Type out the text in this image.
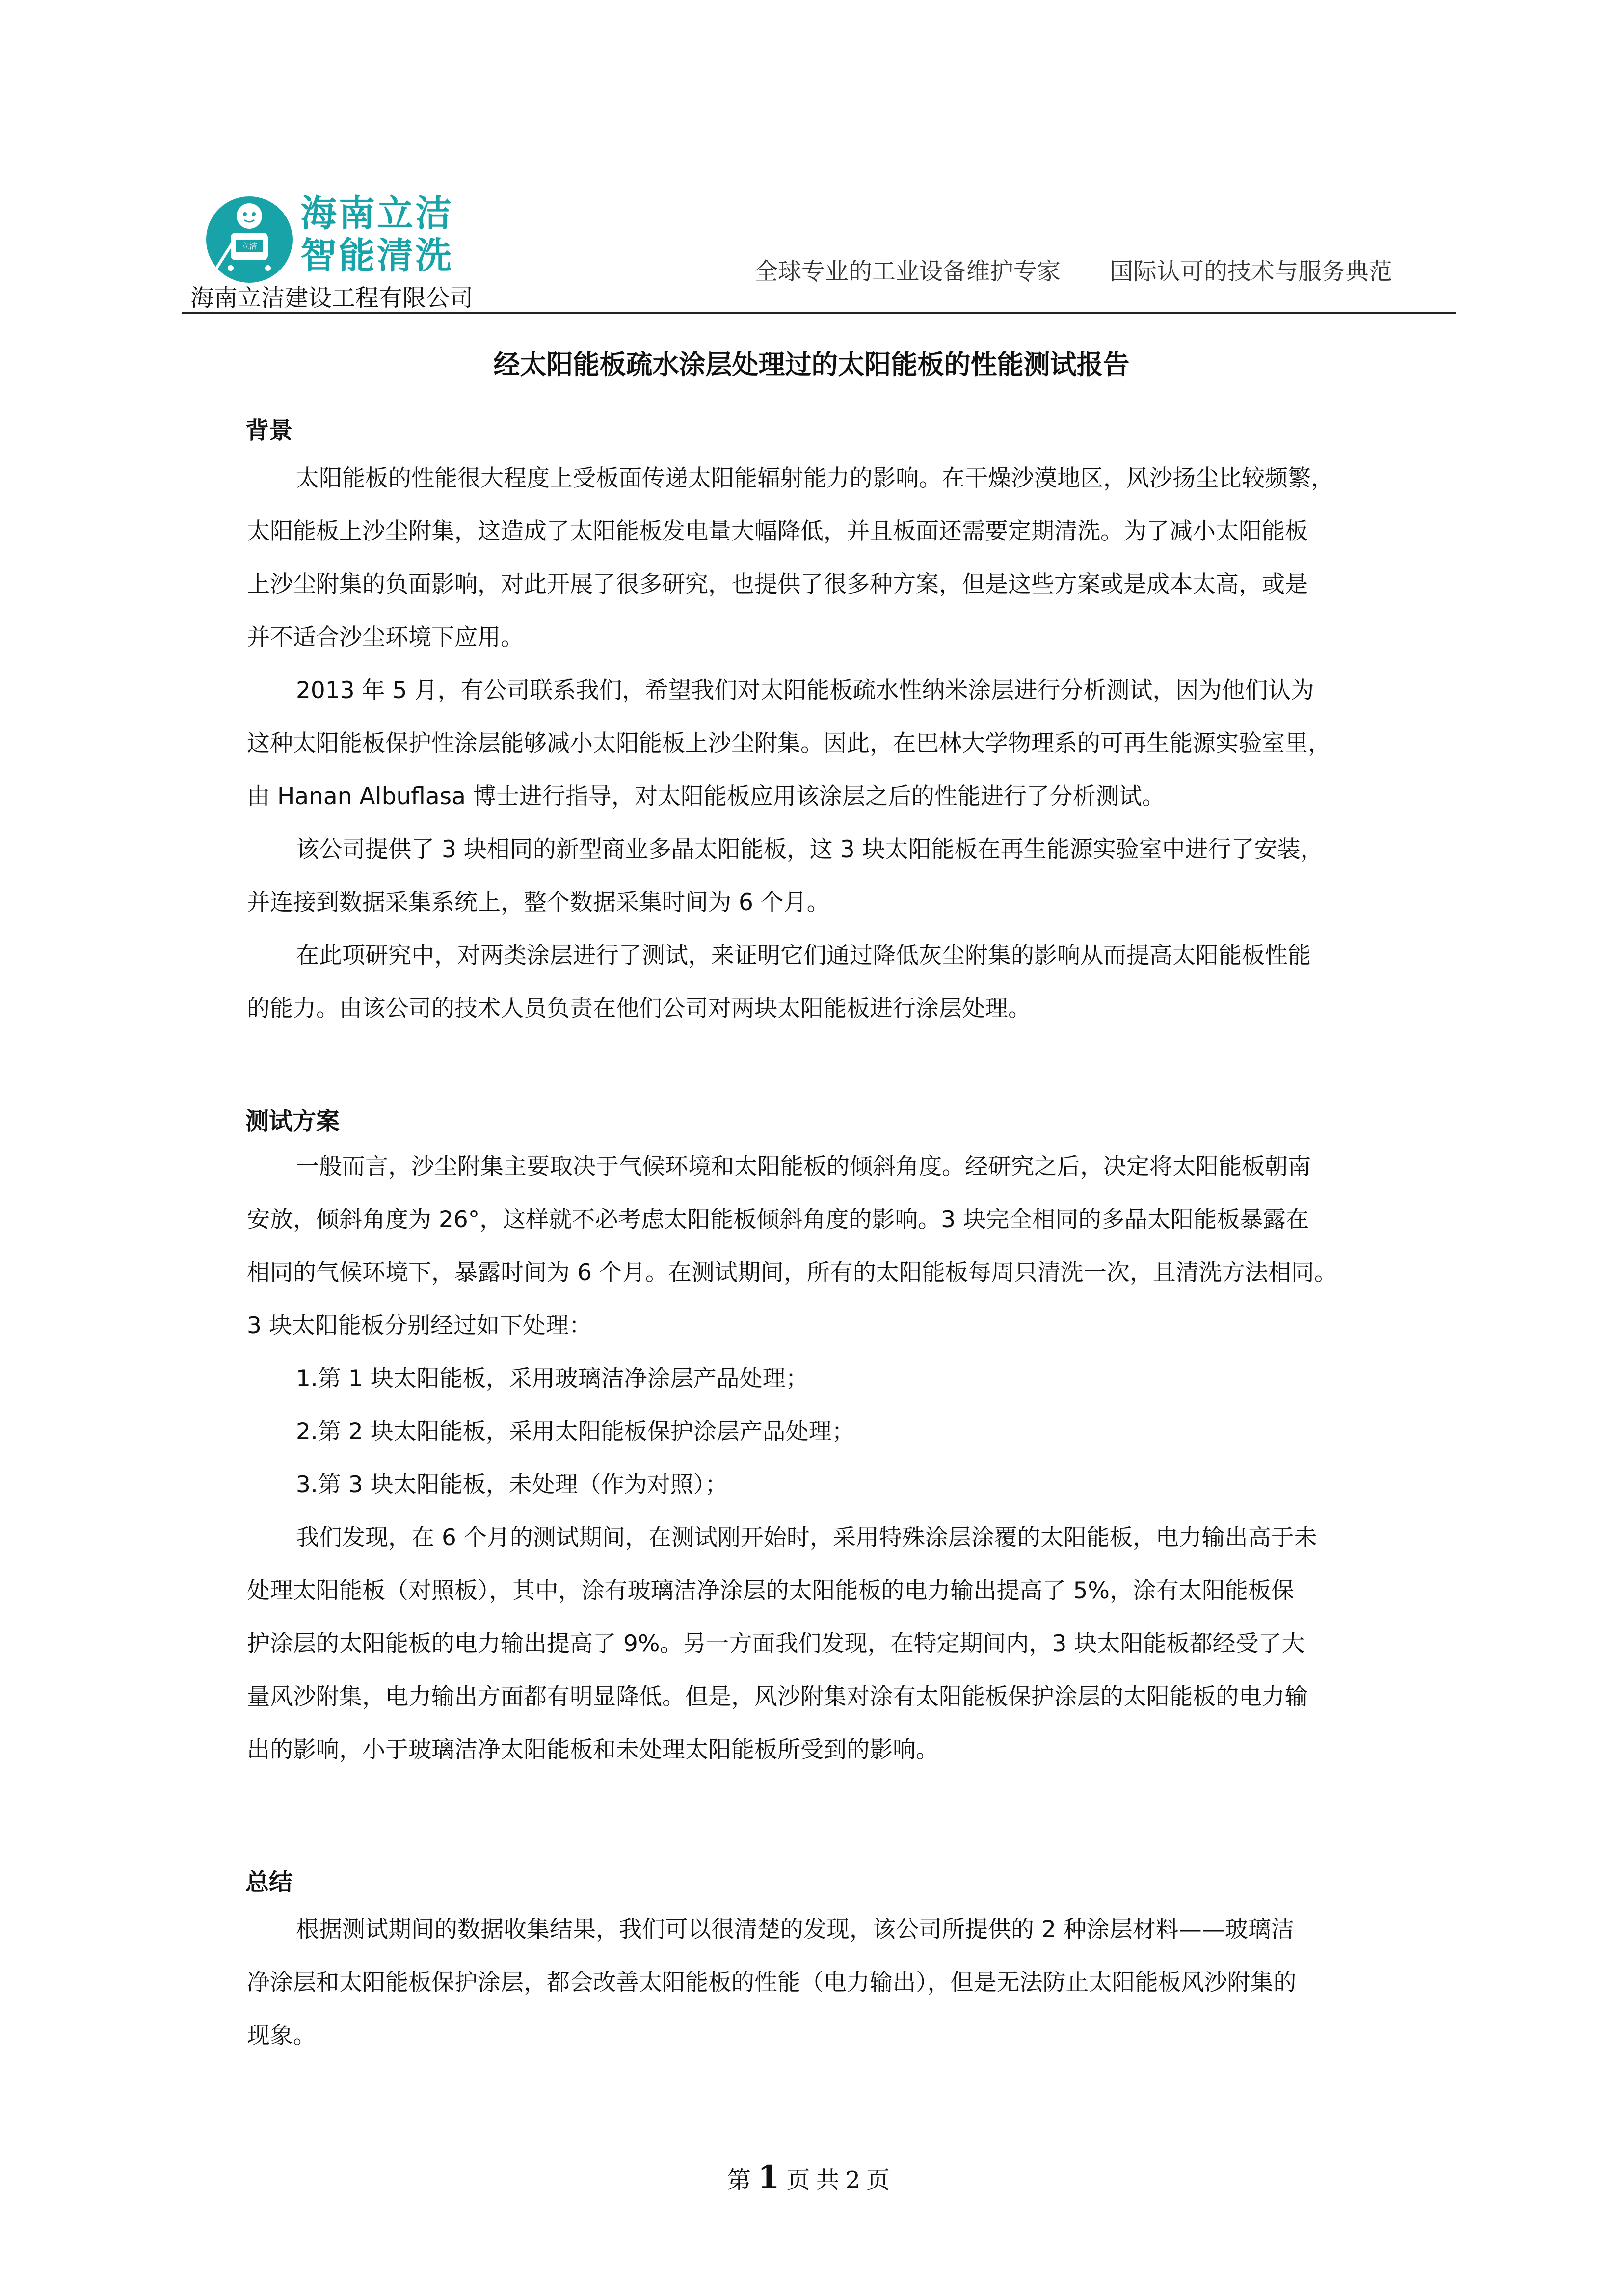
立洁
海南立洁
智能清洗
海南立洁建设工程有限公司
全球专业的工业设备维护专家 国际认可的技术与服务典范
经太阳能板疏水涂层处理过的太阳能板的性能测试报告
背景
太阳能板的性能很大程度上受板面传递太阳能辐射能力的影响。在干燥沙漠地区，风沙扬尘比较频繁，
太阳能板上沙尘附集，这造成了太阳能板发电量大幅降低，并且板面还需要定期清洗。为了减小太阳能板
上沙尘附集的负面影响，对此开展了很多研究，也提供了很多种方案，但是这些方案或是成本太高，或是
并不适合沙尘环境下应用。
2013 年 5 月，有公司联系我们，希望我们对太阳能板疏水性纳米涂层进行分析测试，因为他们认为
这种太阳能板保护性涂层能够减小太阳能板上沙尘附集。因此，在巴林大学物理系的可再生能源实验室里，
由 Hanan Albuflasa 博士进行指导，对太阳能板应用该涂层之后的性能进行了分析测试。
该公司提供了 3 块相同的新型商业多晶太阳能板，这 3 块太阳能板在再生能源实验室中进行了安装，
并连接到数据采集系统上，整个数据采集时间为 6 个月。
在此项研究中，对两类涂层进行了测试，来证明它们通过降低灰尘附集的影响从而提高太阳能板性能
的能力。由该公司的技术人员负责在他们公司对两块太阳能板进行涂层处理。
测试方案
一般而言，沙尘附集主要取决于气候环境和太阳能板的倾斜角度。经研究之后，决定将太阳能板朝南
安放，倾斜角度为 26°，这样就不必考虑太阳能板倾斜角度的影响。3 块完全相同的多晶太阳能板暴露在
相同的气候环境下，暴露时间为 6 个月。在测试期间，所有的太阳能板每周只清洗一次，且清洗方法相同。
3 块太阳能板分别经过如下处理：
1.第 1 块太阳能板，采用玻璃洁净涂层产品处理；
2.第 2 块太阳能板，采用太阳能板保护涂层产品处理；
3.第 3 块太阳能板，未处理（作为对照）；
我们发现，在 6 个月的测试期间，在测试刚开始时，采用特殊涂层涂覆的太阳能板，电力输出高于未
处理太阳能板（对照板），其中，涂有玻璃洁净涂层的太阳能板的电力输出提高了 5%，涂有太阳能板保
护涂层的太阳能板的电力输出提高了 9%。另一方面我们发现，在特定期间内，3 块太阳能板都经受了大
量风沙附集，电力输出方面都有明显降低。但是，风沙附集对涂有太阳能板保护涂层的太阳能板的电力输
出的影响，小于玻璃洁净太阳能板和未处理太阳能板所受到的影响。
总结
根据测试期间的数据收集结果，我们可以很清楚的发现，该公司所提供的 2 种涂层材料——玻璃洁
净涂层和太阳能板保护涂层，都会改善太阳能板的性能（电力输出），但是无法防止太阳能板风沙附集的
现象。
第 1 页 共 2 页
